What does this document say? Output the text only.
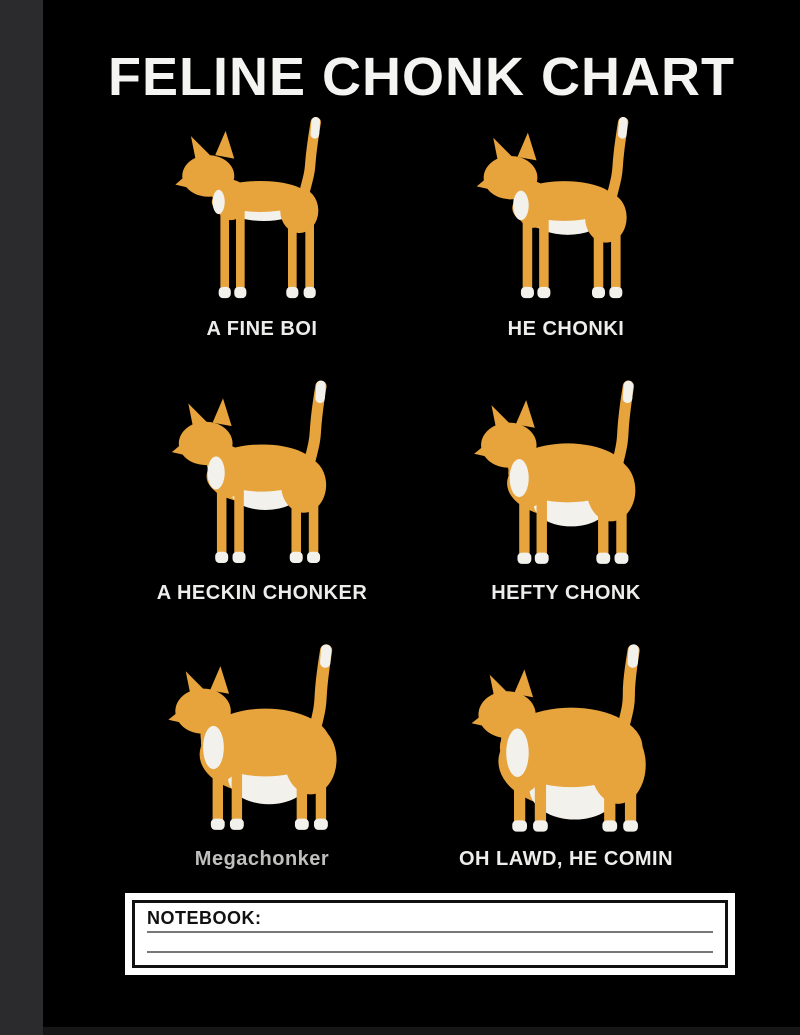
FELINE CHONK CHART
A FINE BOI	HE CHONKI
A HECKIN CHONKER	HEFTY CHONK
Megachonker	OH LAWD, HE COMIN
NOTEBOOK:
